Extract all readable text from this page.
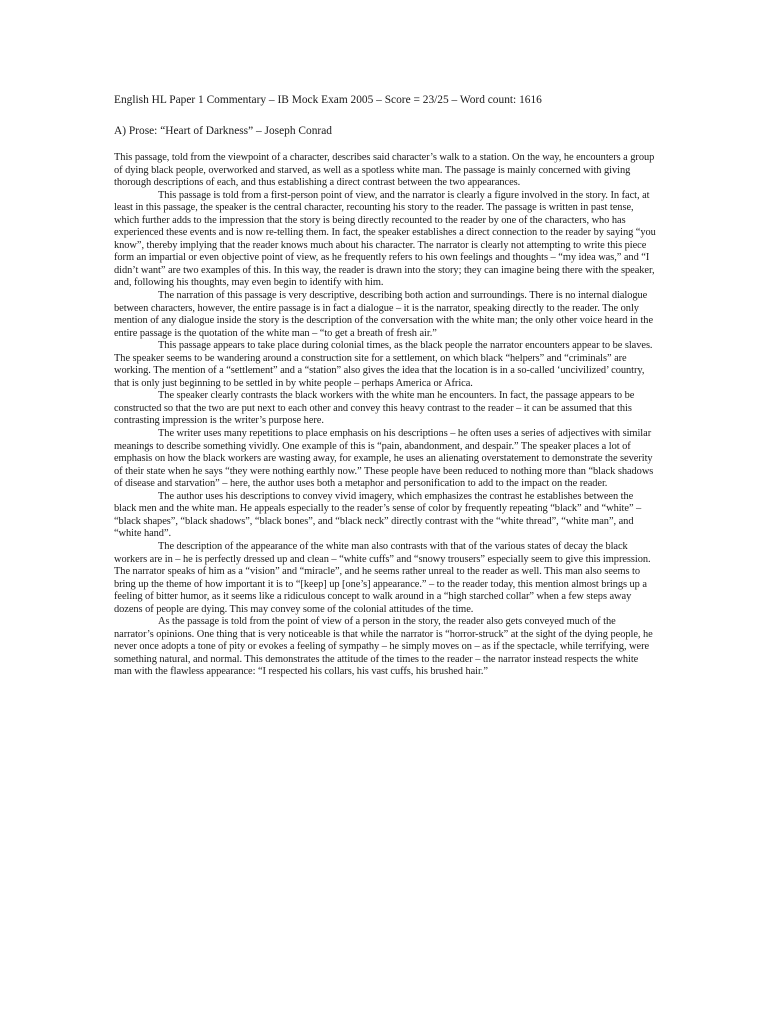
English HL Paper 1 Commentary – IB Mock Exam 2005 – Score = 23/25 – Word count: 1616
A) Prose: “Heart of Darkness” – Joseph Conrad

This passage, told from the viewpoint of a character, describes said character’s walk to a station. On the way, he encounters a group of dying black people, overworked and starved, as well as a spotless white man. The passage is mainly concerned with giving thorough descriptions of each, and thus establishing a direct contrast between the two appearances.

This passage is told from a first-person point of view, and the narrator is clearly a figure involved in the story. In fact, at least in this passage, the speaker is the central character, recounting his story to the reader. The passage is written in past tense, which further adds to the impression that the story is being directly recounted to the reader by one of the characters, who has experienced these events and is now re-telling them. In fact, the speaker establishes a direct connection to the reader by saying “you know”, thereby implying that the reader knows much about his character. The narrator is clearly not attempting to write this piece form an impartial or even objective point of view, as he frequently refers to his own feelings and thoughts – “my idea was,” and “I didn’t want” are two examples of this. In this way, the reader is drawn into the story; they can imagine being there with the speaker, and, following his thoughts, may even begin to identify with him.

The narration of this passage is very descriptive, describing both action and surroundings. There is no internal dialogue between characters, however, the entire passage is in fact a dialogue – it is the narrator, speaking directly to the reader. The only mention of any dialogue inside the story is the description of the conversation with the white man; the only other voice heard in the entire passage is the quotation of the white man – “to get a breath of fresh air.”

This passage appears to take place during colonial times, as the black people the narrator encounters appear to be slaves. The speaker seems to be wandering around a construction site for a settlement, on which black “helpers” and “criminals” are working. The mention of a “settlement” and a “station” also gives the idea that the location is in a so-called ‘uncivilized’ country, that is only just beginning to be settled in by white people – perhaps America or Africa.

The speaker clearly contrasts the black workers with the white man he encounters. In fact, the passage appears to be constructed so that the two are put next to each other and convey this heavy contrast to the reader – it can be assumed that this contrasting impression is the writer’s purpose here.

The writer uses many repetitions to place emphasis on his descriptions – he often uses a series of adjectives with similar meanings to describe something vividly. One example of this is “pain, abandonment, and despair.” The speaker places a lot of emphasis on how the black workers are wasting away, for example, he uses an alienating overstatement to demonstrate the severity of their state when he says “they were nothing earthly now.” These people have been reduced to nothing more than “black shadows of disease and starvation” – here, the author uses both a metaphor and personification to add to the impact on the reader.

The author uses his descriptions to convey vivid imagery, which emphasizes the contrast he establishes between the black men and the white man. He appeals especially to the reader’s sense of color by frequently repeating “black” and “white” – “black shapes”, “black shadows”, “black bones”, and “black neck” directly contrast with the “white thread”, “white man”, and “white hand”.

The description of the appearance of the white man also contrasts with that of the various states of decay the black workers are in – he is perfectly dressed up and clean – “white cuffs” and “snowy trousers” especially seem to give this impression. The narrator speaks of him as a “vision” and “miracle”, and he seems rather unreal to the reader as well. This man also seems to bring up the theme of how important it is to “[keep] up [one’s] appearance.” – to the reader today, this mention almost brings up a feeling of bitter humor, as it seems like a ridiculous concept to walk around in a “high starched collar” when a few steps away dozens of people are dying. This may convey some of the colonial attitudes of the time.

As the passage is told from the point of view of a person in the story, the reader also gets conveyed much of the narrator’s opinions. One thing that is very noticeable is that while the narrator is “horror-struck” at the sight of the dying people, he never once adopts a tone of pity or evokes a feeling of sympathy – he simply moves on – as if the spectacle, while terrifying, were something natural, and normal. This demonstrates the attitude of the times to the reader – the narrator instead respects the white man with the flawless appearance: “I respected his collars, his vast cuffs, his brushed hair.”
